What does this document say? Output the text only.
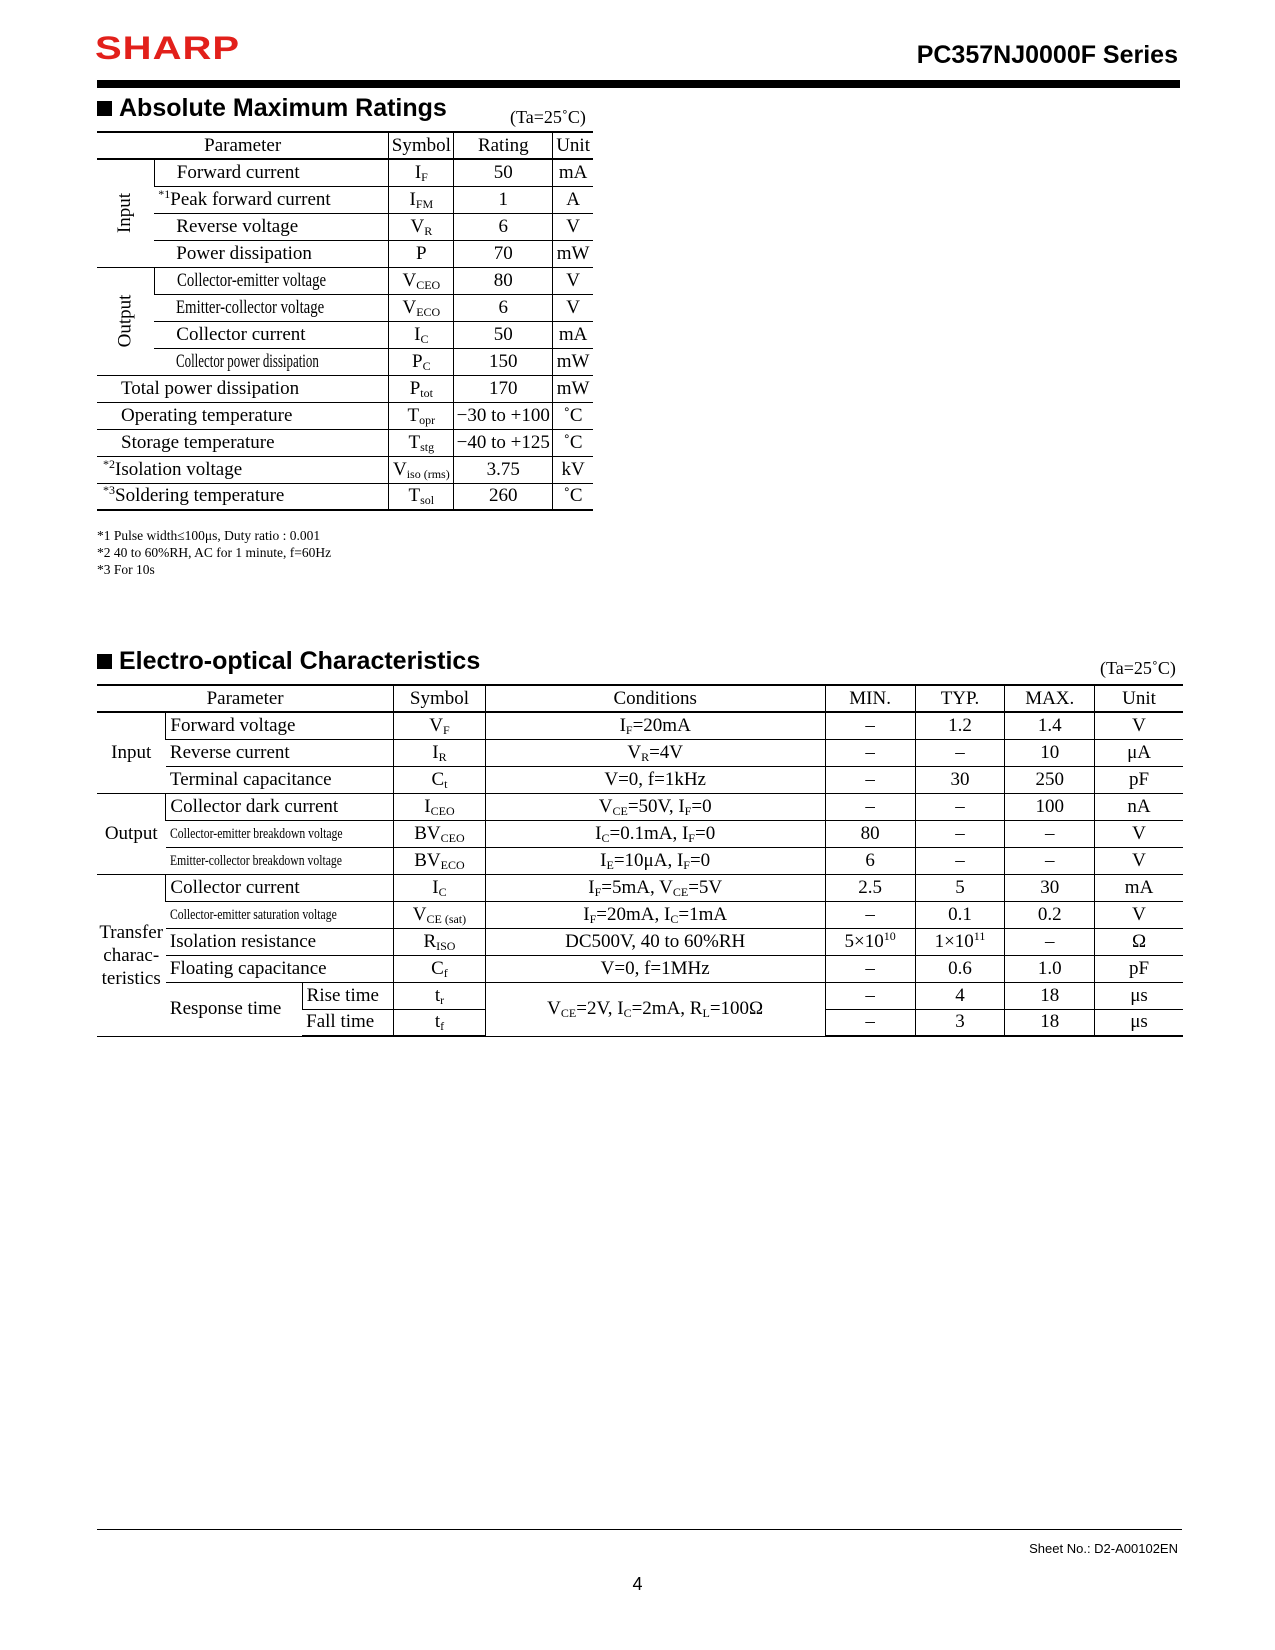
SHARP	PC357NJ0000F Series
Absolute Maximum Ratings	(Ta=25˚C)
Parameter		Symbol	Rating	Unit
Input	Forward current	$I_F$	50	mA
	$^{*1}$Peak forward current	$I_{FM}$	1	A
	Reverse voltage	$V_R$	6	V
	Power dissipation	P	70	mW
Output	Collector-emitter voltage	$V_{CEO}$	80	V
	Emitter-collector voltage	$V_{ECO}$	6	V
	Collector current	$I_C$	50	mA
	Collector power dissipation	$P_C$	150	mW
Total power dissipation		$P_{tot}$	170	mW
Operating temperature		$T_{opr}$	−30 to +100	˚C
Storage temperature		$T_{stg}$	−40 to +125	˚C
$^{*2}$Isolation voltage		$V_{iso (rms)}$	3.75	kV
$^{*3}$Soldering temperature		$T_{sol}$	260	˚C
*1 Pulse width≤100μs, Duty ratio : 0.001
*2 40 to 60%RH, AC for 1 minute, f=60Hz
*3 For 10s
Electro-optical Characteristics	(Ta=25˚C)
Parameter			Symbol	Conditions	MIN.	TYP.	MAX.	Unit
Input	Forward voltage		$V_F$	$I_F=20mA$	–	1.2	1.4	V
	Reverse current		$I_R$	$V_R=4V$	–	–	10	μA
	Terminal capacitance		$C_t$	V=0, f=1kHz	–	30	250	pF
Output	Collector dark current		$I_{CEO}$	$V_{CE}=50V$, $I_F=0$	–	–	100	nA
	Collector-emitter breakdown voltage		$BV_{CEO}$	$I_C=0.1mA$, $I_F=0$	80	–	–	V
	Emitter-collector breakdown voltage		$BV_{ECO}$	$I_E=10\mu A$, $I_F=0$	6	–	–	V

Transfer
charac-
teristics	Collector current		$I_C$	$I_F=5mA$, $V_{CE}=5V$	2.5	5	30	mA
	Collector-emitter saturation voltage		$V_{CE (sat)}$	$I_F=20mA$, $I_C=1mA$	–	0.1	0.2	V
	Isolation resistance		$R_{ISO}$	DC500V, 40 to 60%RH	$5\times 10^{10}$	$1\times 10^{11}$	–	Ω
	Floating capacitance		$C_f$	V=0, f=1MHz	–	0.6	1.0	pF
	Response time	Rise time	$t_r$	$V_{CE}=2V$, $I_C=2mA$, $R_L=100\Omega$	–	4	18	μs
		Fall time	$t_f$		–	3	18	μs
Sheet No.: D2-A00102EN
4
